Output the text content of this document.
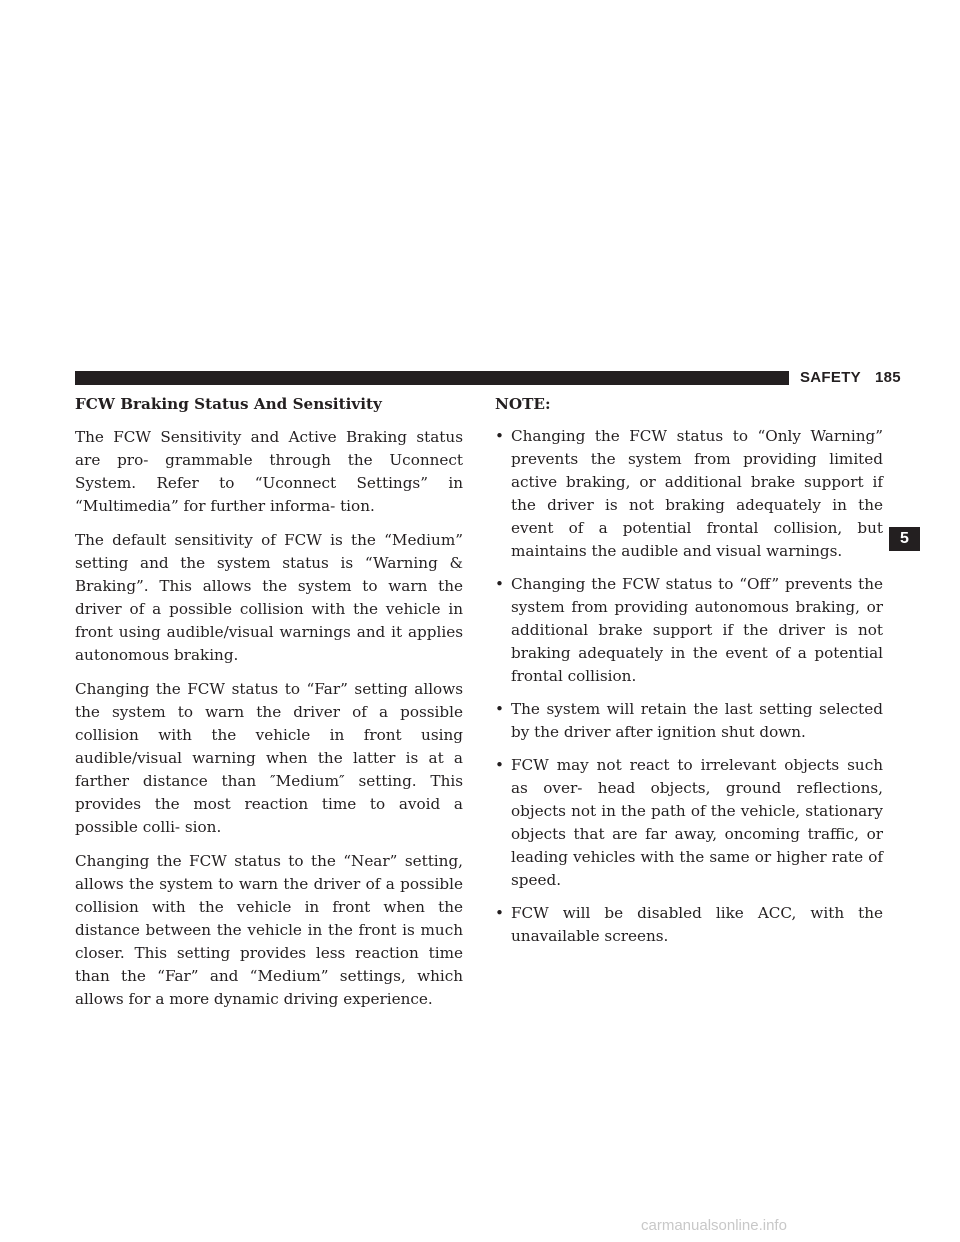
SAFETY 185
FCW Braking Status And Sensitivity

The FCW Sensitivity and Active Braking status are pro- grammable through the Uconnect System. Refer to “Uconnect Settings” in “Multimedia” for further informa- tion.

The default sensitivity of FCW is the “Medium” setting and the system status is “Warning & Braking”. This allows the system to warn the driver of a possible collision with the vehicle in front using audible/visual warnings and it applies autonomous braking.

Changing the FCW status to “Far” setting allows the system to warn the driver of a possible collision with the vehicle in front using audible/visual warning when the latter is at a farther distance than ″Medium″ setting. This provides the most reaction time to avoid a possible colli- sion.

Changing the FCW status to the “Near” setting, allows the system to warn the driver of a possible collision with the vehicle in front when the distance between the vehicle in the front is much closer. This setting provides less reaction time than the “Far” and “Medium” settings, which allows for a more dynamic driving experience.

NOTE:
• Changing the FCW status to “Only Warning” prevents the system from providing limited active braking, or additional brake support if the driver is not braking adequately in the event of a potential frontal collision, but maintains the audible and visual warnings.
• Changing the FCW status to “Off” prevents the system from providing autonomous braking, or additional brake support if the driver is not braking adequately in the event of a potential frontal collision.
• The system will retain the last setting selected by the driver after ignition shut down.
• FCW may not react to irrelevant objects such as over- head objects, ground reflections, objects not in the path of the vehicle, stationary objects that are far away, oncoming traffic, or leading vehicles with the same or higher rate of speed.
• FCW will be disabled like ACC, with the unavailable screens.
5
carmanualsonline.info
